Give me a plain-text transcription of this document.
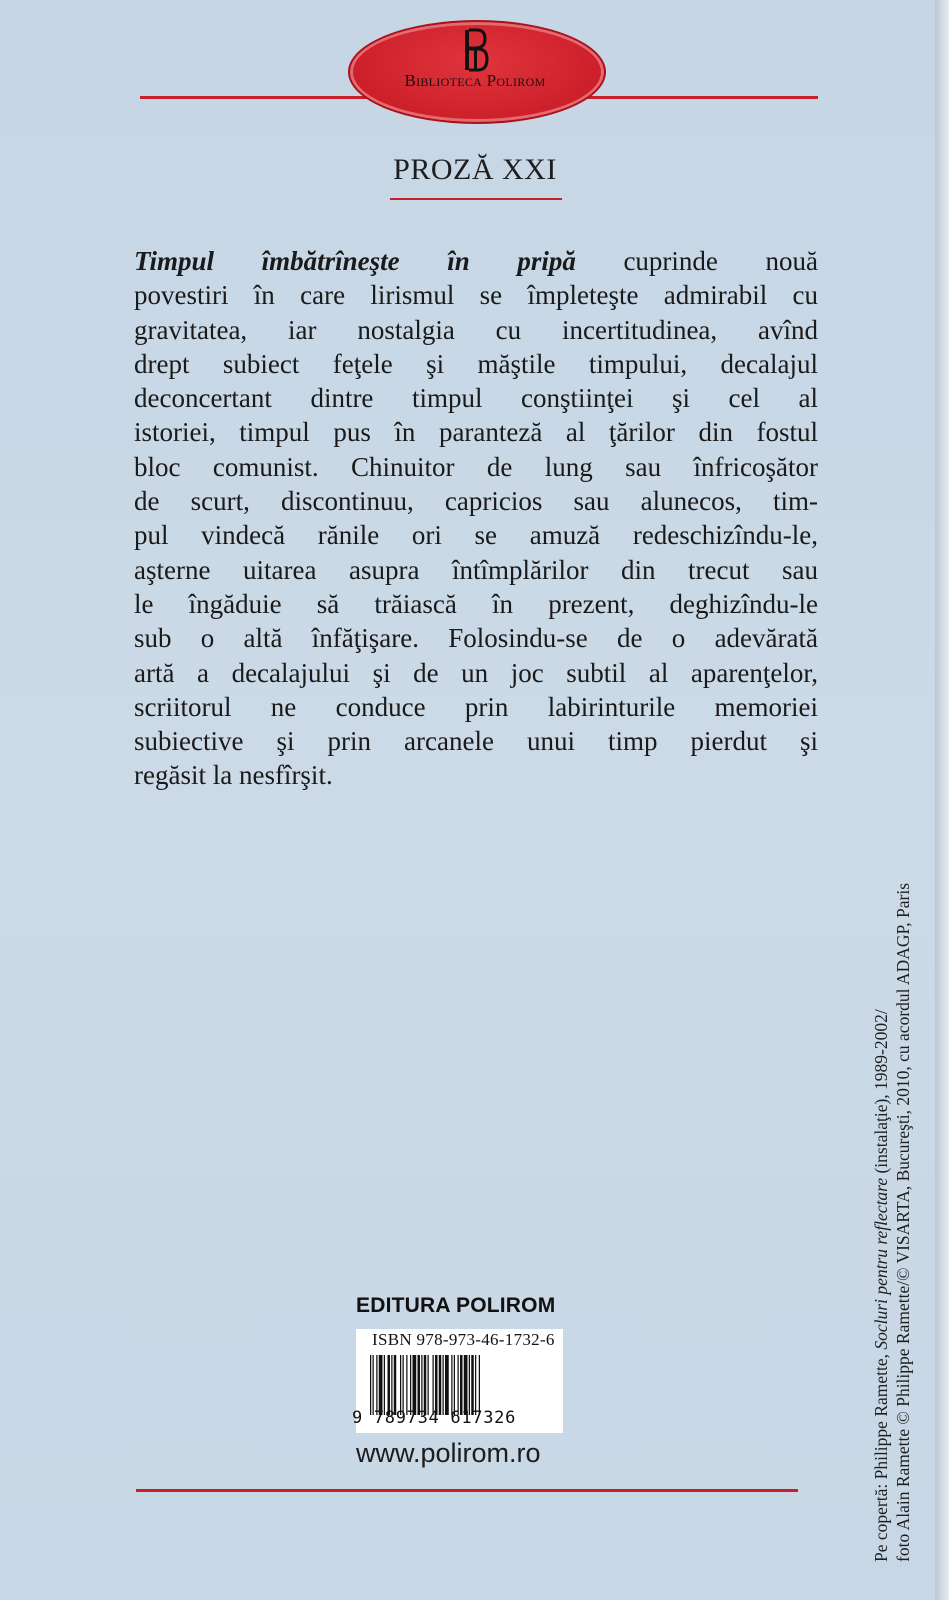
Biblioteca Polirom
PROZĂ XXI
Timpul îmbătrîneşte în pripă cuprinde nouă
povestiri în care lirismul se împleteşte admirabil cu
gravitatea, iar nostalgia cu incertitudinea, avînd
drept subiect feţele şi măştile timpului, decalajul
deconcertant dintre timpul conştiinţei şi cel al
istoriei, timpul pus în paranteză al ţărilor din fostul
bloc comunist. Chinuitor de lung sau înfricoşător
de scurt, discontinuu, capricios sau alunecos, tim-
pul vindecă rănile ori se amuză redeschizîndu-le,
aşterne uitarea asupra întîmplărilor din trecut sau
le îngăduie să trăiască în prezent, deghizîndu-le
sub o altă înfăţişare. Folosindu-se de o adevărată
artă a decalajului şi de un joc subtil al aparenţelor,
scriitorul ne conduce prin labirinturile memoriei
subiective şi prin arcanele unui timp pierdut şi
regăsit la nesfîrşit.
EDITURA POLIROM
ISBN 978-973-46-1732-6
9 789734 617326
www.polirom.ro	Pe copertă: Philippe Ramette, Socluri pentru reflectare (instalaţie), 1989-2002/ foto Alain Ramette © Philippe Ramette/© VISARTA, Bucureşti, 2010, cu acordul ADAGP, Paris
